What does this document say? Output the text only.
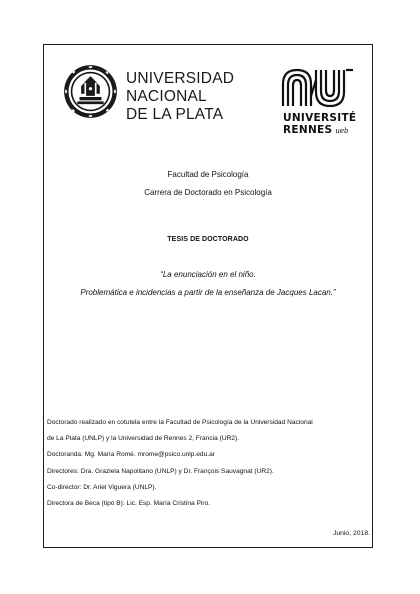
UNIVERSIDAD
NACIONAL
DE LA PLATA	UNIVERSITÉ
RENNES ueb
Facultad de Psicología
Carrera de Doctorado en Psicología
TESIS DE DOCTORADO
“La enunciación en el niño.
Problemática e incidencias a partir de la enseñanza de Jacques Lacan.”
Doctorado realizado en cotutela entre la Facultad de Psicología de la Universidad Nacional
de La Plata (UNLP) y la Universidad de Rennes 2, Francia (UR2).
Doctoranda: Mg. María Romé. mrome@psico.unlp.edu.ar
Directores: Dra. Graziela Napolitano (UNLP) y Dr. François Sauvagnat (UR2).
Co-director: Dr. Ariel Viguera (UNLP).
Directora de Beca (tipo B): Lic. Esp. María Cristina Piro.
Junio, 2018.
